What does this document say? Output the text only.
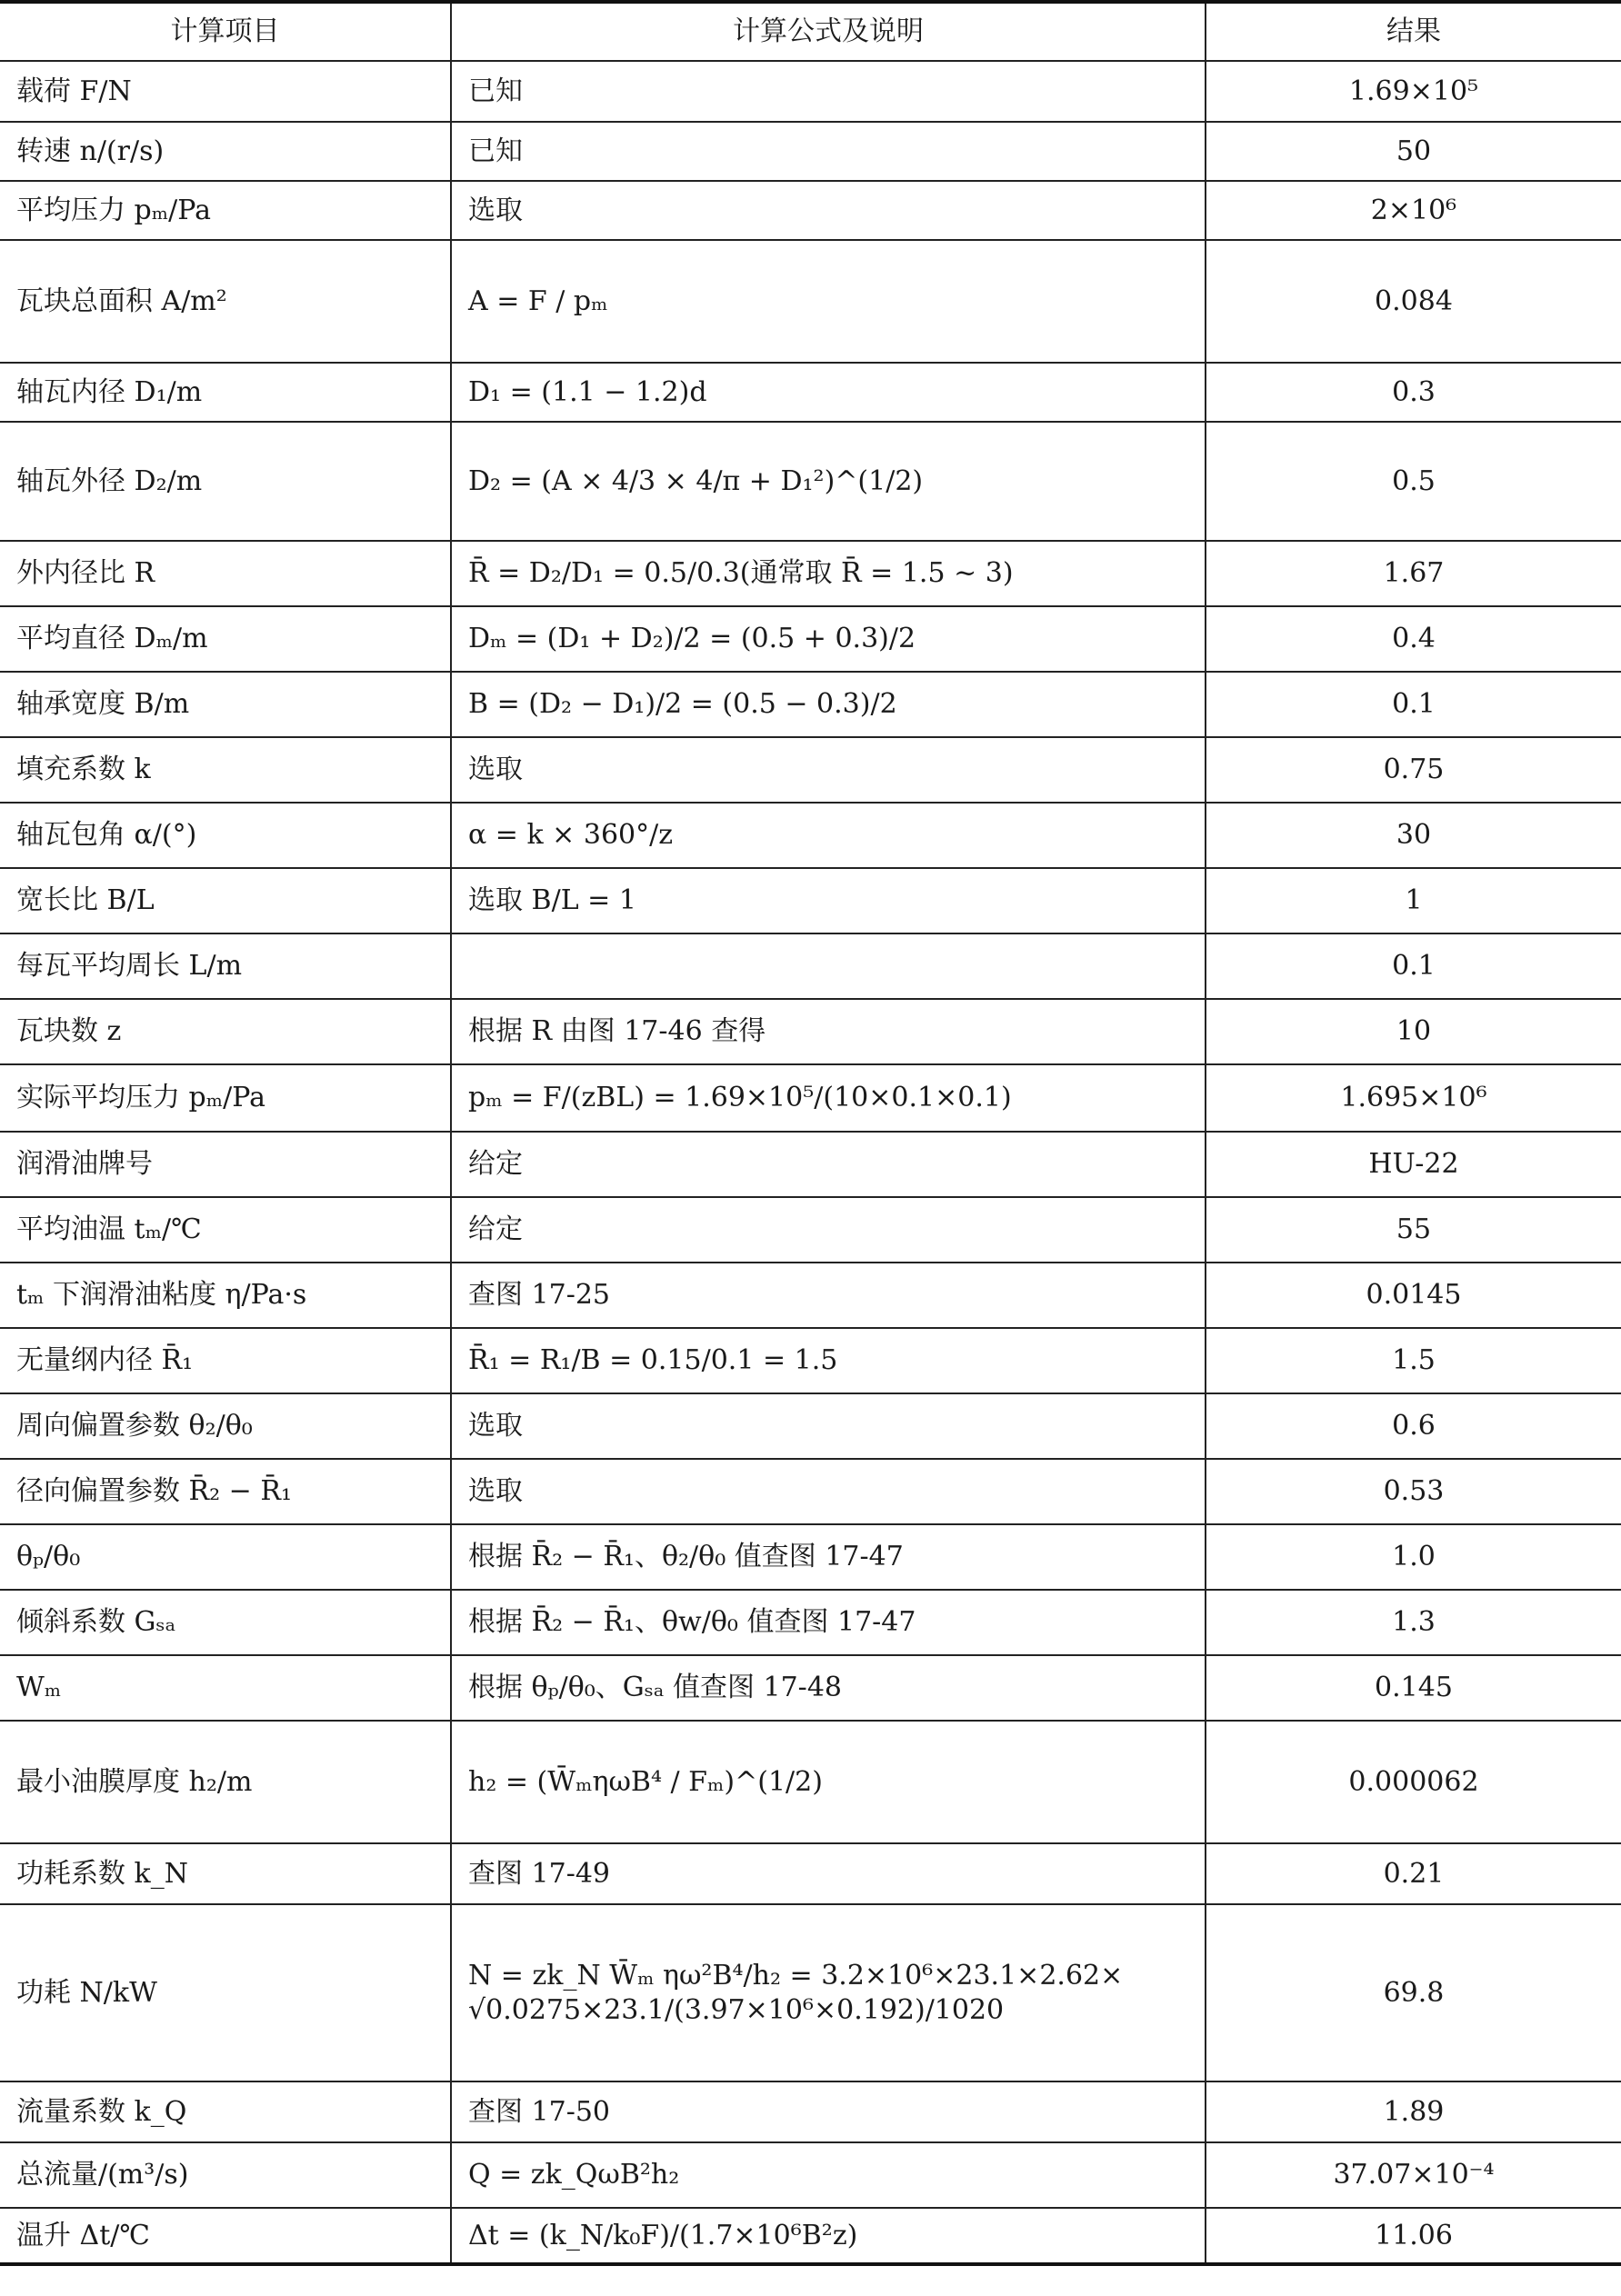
计算项目	计算公式及说明	结果
载荷 F/N	已知	1.69×10⁵
转速 n/(r/s)	已知	50
平均压力 pₘ/Pa	选取	2×10⁶
瓦块总面积 A/m²	A = F / pₘ	0.084
轴瓦内径 D₁/m	D₁ = (1.1 − 1.2)d	0.3
轴瓦外径 D₂/m	D₂ = (A × 4/3 × 4/π + D₁²)^(1/2)	0.5
外内径比 R	R̄ = D₂/D₁ = 0.5/0.3(通常取 R̄ = 1.5 ~ 3)	1.67
平均直径 Dₘ/m	Dₘ = (D₁ + D₂)/2 = (0.5 + 0.3)/2	0.4
轴承宽度 B/m	B = (D₂ − D₁)/2 = (0.5 − 0.3)/2	0.1
填充系数 k	选取	0.75
轴瓦包角 α/(°)	α = k × 360°/z	30
宽长比 B/L	选取 B/L = 1	1
每瓦平均周长 L/m		0.1
瓦块数 z	根据 R 由图 17-46 查得	10
实际平均压力 pₘ/Pa	pₘ = F/(zBL) = 1.69×10⁵/(10×0.1×0.1)	1.695×10⁶
润滑油牌号	给定	HU-22
平均油温 tₘ/℃	给定	55
tₘ 下润滑油粘度 η/Pa·s	查图 17-25	0.0145
无量纲内径 R̄₁	R̄₁ = R₁/B = 0.15/0.1 = 1.5	1.5
周向偏置参数 θ₂/θ₀	选取	0.6
径向偏置参数 R̄₂ − R̄₁	选取	0.53
θₚ/θ₀	根据 R̄₂ − R̄₁、θ₂/θ₀ 值查图 17-47	1.0
倾斜系数 Gₛₐ	根据 R̄₂ − R̄₁、θw/θ₀ 值查图 17-47	1.3
Wₘ	根据 θₚ/θ₀、Gₛₐ 值查图 17-48	0.145
最小油膜厚度 h₂/m	h₂ = (W̄ₘηωB⁴ / Fₘ)^(1/2)	0.000062
功耗系数 k_N	查图 17-49	0.21
功耗 N/kW	N = zk_N W̄ₘ ηω²B⁴/h₂ = 3.2×10⁶×23.1×2.62× √0.0275×23.1/(3.97×10⁶×0.192)/1020	69.8
流量系数 k_Q	查图 17-50	1.89
总流量/(m³/s)	Q = zk_QωB²h₂	37.07×10⁻⁴
温升 Δt/℃	Δt = (k_N/k₀F)/(1.7×10⁶B²z)	11.06
